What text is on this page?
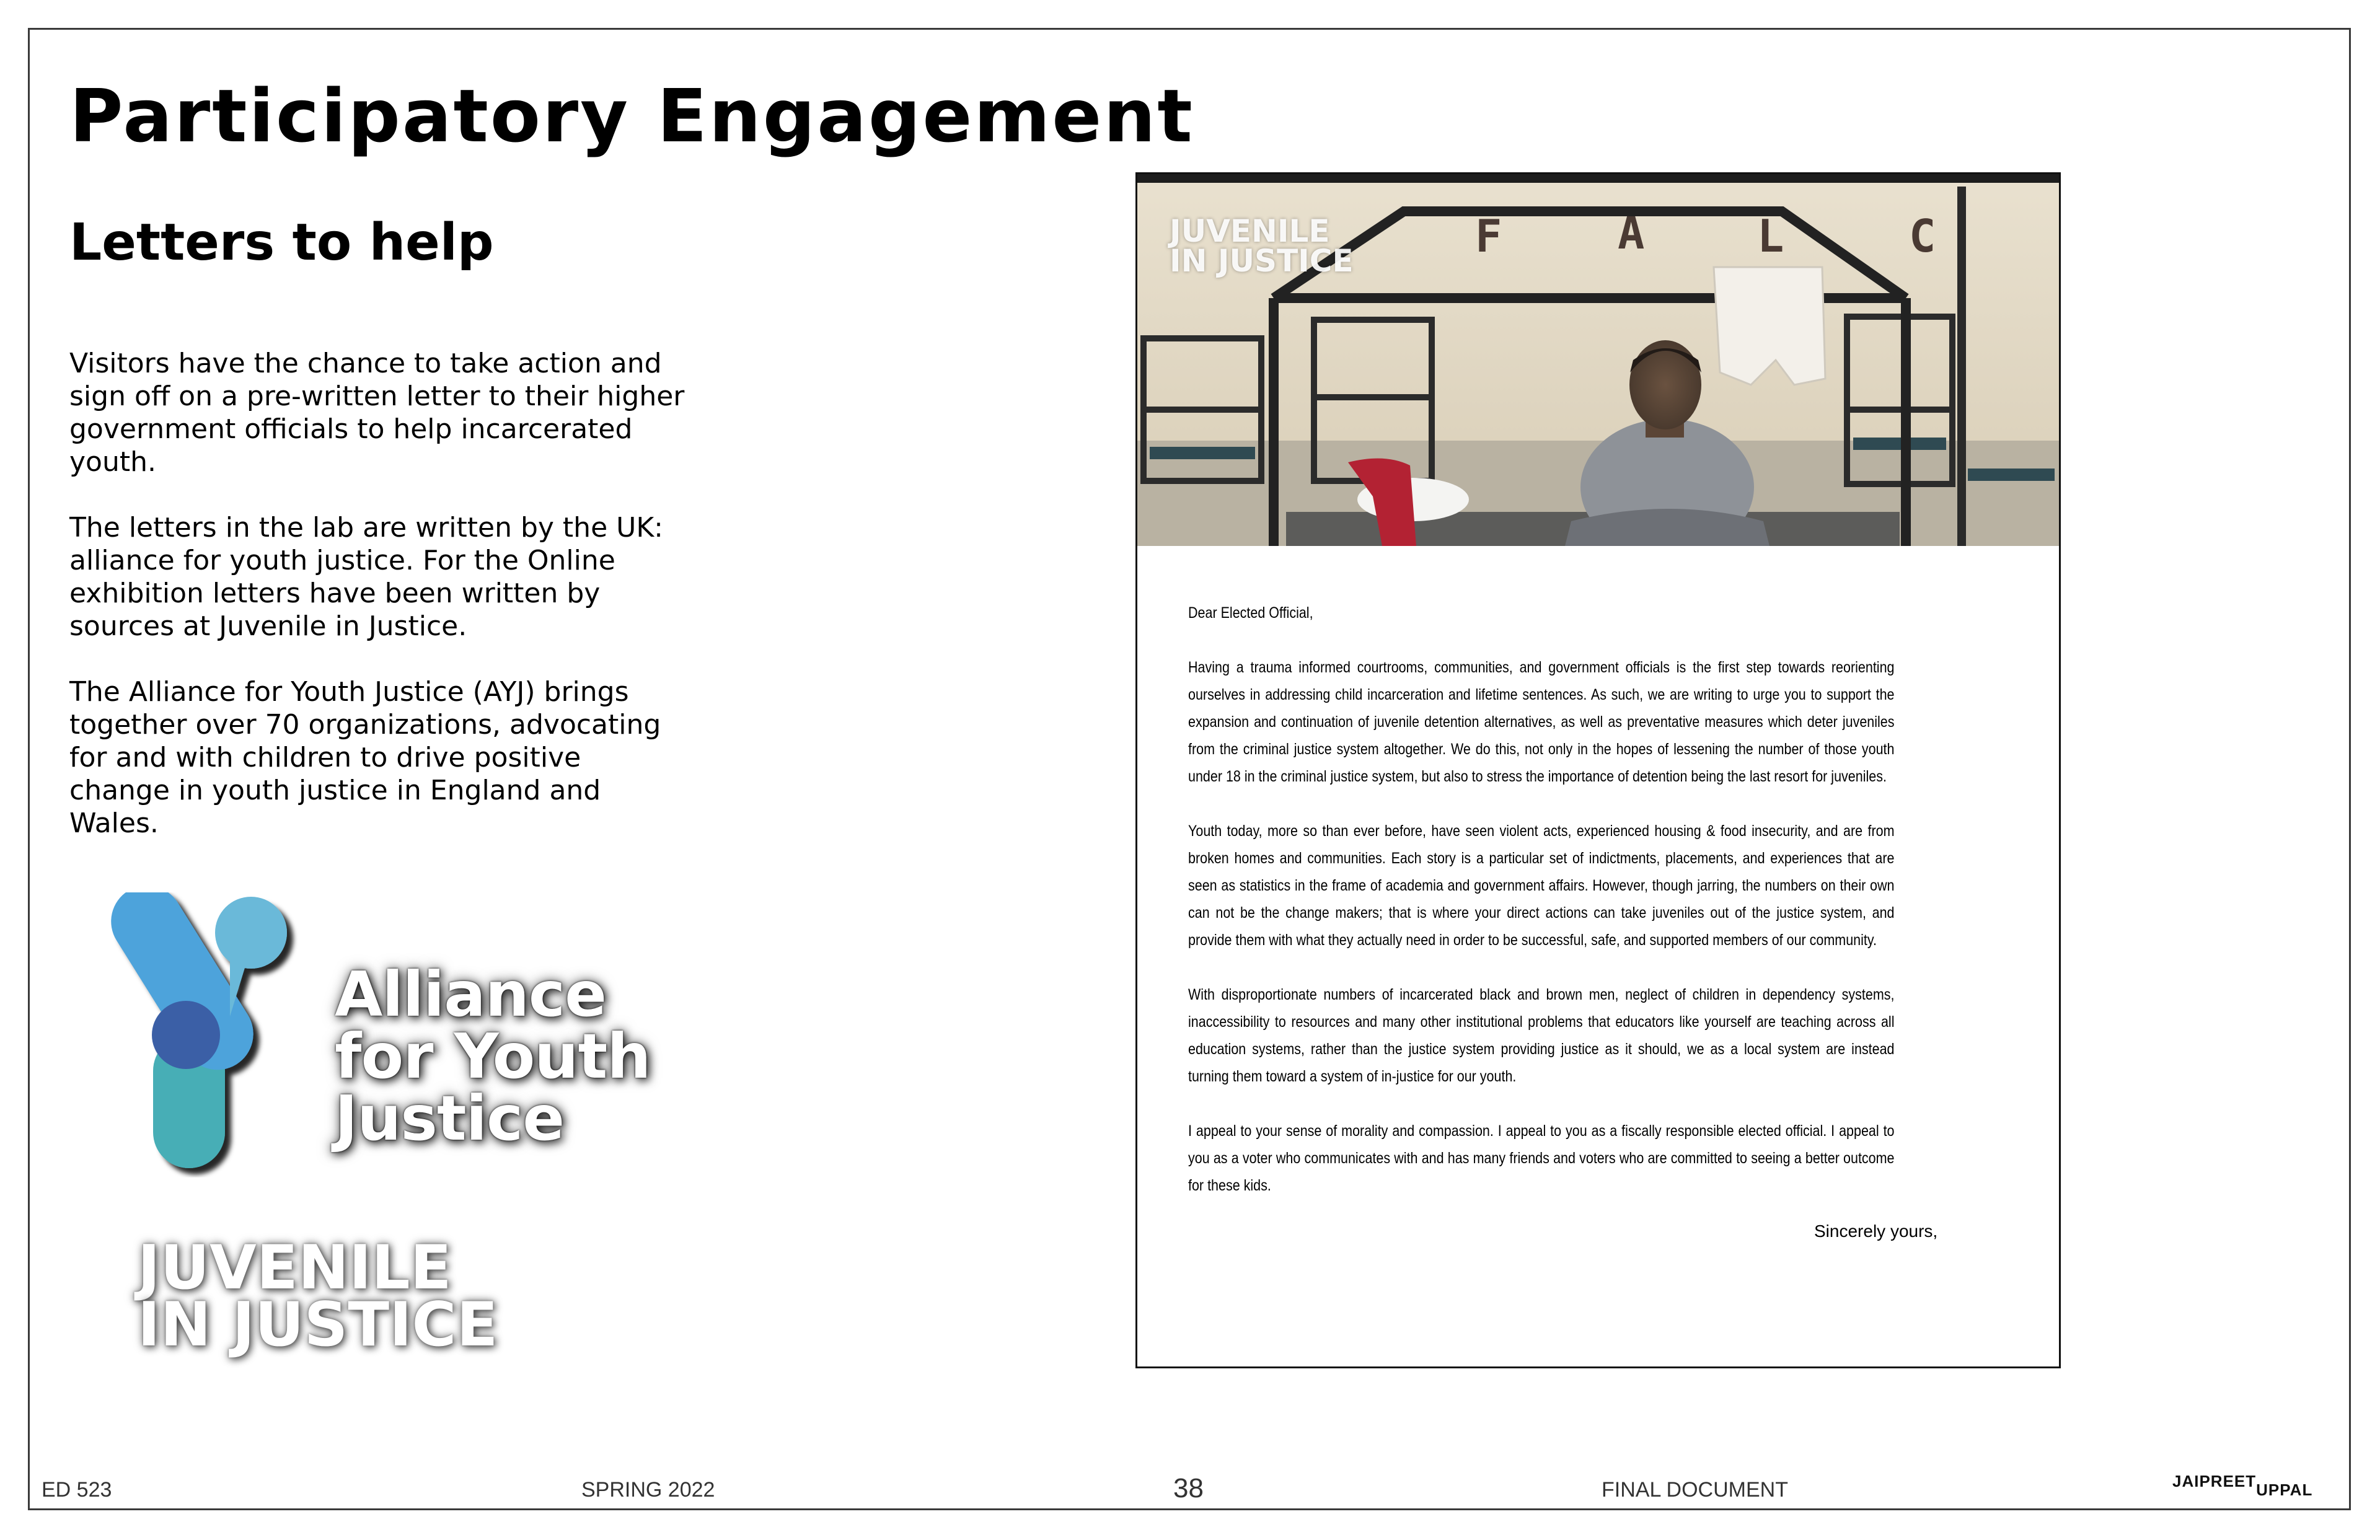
Participatory Engagement
Letters to help

Visitors have the chance to take action and sign off on a pre-written letter to their higher government officials to help incarcerated youth.

The letters in the lab are written by the UK: alliance for youth justice. For the Online exhibition letters have been written by sources at Juvenile in Justice.

The Alliance for Youth Justice (AYJ) brings together over 70 organizations, advocating for and with children to drive positive change in youth justice in England and Wales.

Alliance
for Youth
Justice
JUVENILE
IN JUSTICE
F	A	L	C
JUVENILE
IN JUSTICE

Dear Elected Official,

Having a trauma informed courtrooms, communities, and government officials is the first step towards reorienting ourselves in addressing child incarceration and lifetime sentences. As such, we are writing to urge you to support the expansion and continuation of juvenile detention alternatives, as well as preventative measures which deter juveniles from the criminal justice system altogether. We do this, not only in the hopes of lessening the number of those youth under 18 in the criminal justice system, but also to stress the importance of detention being the last resort for juveniles.

Youth today, more so than ever before, have seen violent acts, experienced housing & food insecurity, and are from broken homes and communities. Each story is a particular set of indictments, placements, and experiences that are seen as statistics in the frame of academia and government affairs. However, though jarring, the numbers on their own can not be the change makers; that is where your direct actions can take juveniles out of the justice system, and provide them with what they actually need in order to be successful, safe, and supported members of our community.

With disproportionate numbers of incarcerated black and brown men, neglect of children in dependency systems, inaccessibility to resources and many other institutional problems that educators like yourself are teaching across all education systems, rather than the justice system providing justice as it should, we as a local system are instead turning them toward a system of in-justice for our youth.

I appeal to your sense of morality and compassion. I appeal to you as a fiscally responsible elected official. I appeal to you as a voter who communicates with and has many friends and voters who are committed to seeing a better outcome for these kids.

Sincerely yours,
ED 523	SPRING 2022	38	FINAL DOCUMENT	JAIPREETUPPAL
